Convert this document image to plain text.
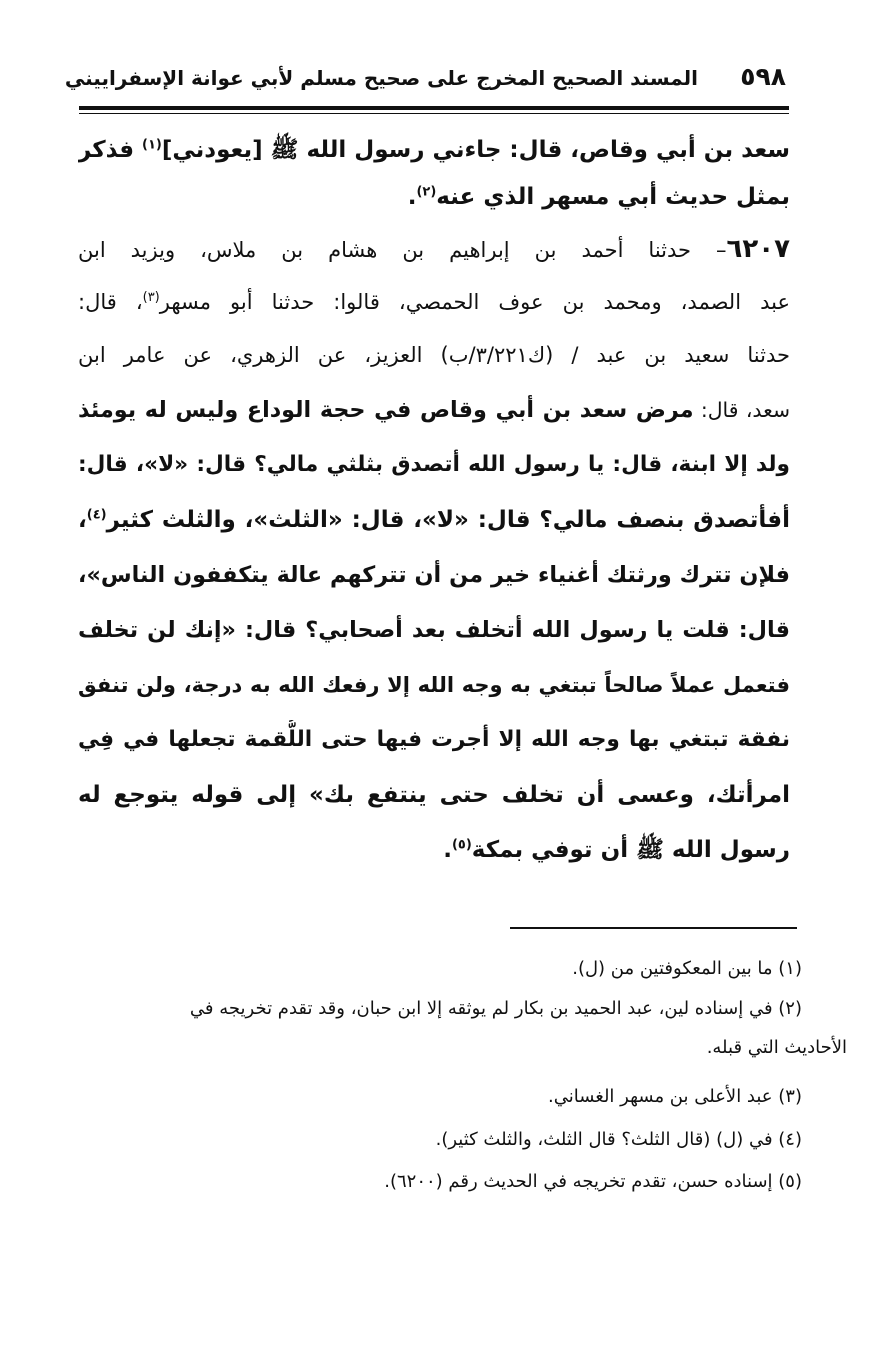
٥٩٨
المسند الصحيح المخرج على صحيح مسلم لأبي عوانة الإسفراييني
سعد بن أبي وقاص، قال: جاءني رسول الله ﷺ [يعودني]$^{(١)}$ فذكر
بمثل حديث أبي مسهر الذي عنه$^{(٢)}$.
٦٢٠٧– حدثنا أحمد بن إبراهيم بن هشام بن ملاس، ويزيد ابن
عبد الصمد، ومحمد بن عوف الحمصي، قالوا: حدثنا أبو مسهر$^{(٣)}$، قال:
حدثنا سعيد بن عبد / (ك٣/٢٢١/ب) العزيز، عن الزهري، عن عامر ابن
سعد، قال: مرض سعد بن أبي وقاص في حجة الوداع وليس له يومئذ
ولد إلا ابنة، قال: يا رسول الله أتصدق بثلثي مالي؟ قال: «لا»، قال:
أفأتصدق بنصف مالي؟ قال: «لا»، قال: «الثلث»، والثلث كثير$^{(٤)}$،
فلإن تترك ورثتك أغنياء خير من أن تتركهم عالة يتكففون الناس»،
قال: قلت يا رسول الله أتخلف بعد أصحابي؟ قال: «إنك لن تخلف
فتعمل عملاً صالحاً تبتغي به وجه الله إلا رفعك الله به درجة، ولن تنفق
نفقة تبتغي بها وجه الله إلا أجرت فيها حتى اللُّقمة تجعلها في فِي
امرأتك، وعسى أن تخلف حتى ينتفع بك» إلى قوله يتوجع له
رسول الله ﷺ أن توفي بمكة$^{(٥)}$.
(١) ما بين المعكوفتين من (ل).
(٢) في إسناده لين، عبد الحميد بن بكار لم يوثقه إلا ابن حبان، وقد تقدم تخريجه في
الأحاديث التي قبله.
(٣) عبد الأعلى بن مسهر الغساني.
(٤) في (ل) (قال الثلث؟ قال الثلث، والثلث كثير).
(٥) إسناده حسن، تقدم تخريجه في الحديث رقم (٦٢٠٠).
